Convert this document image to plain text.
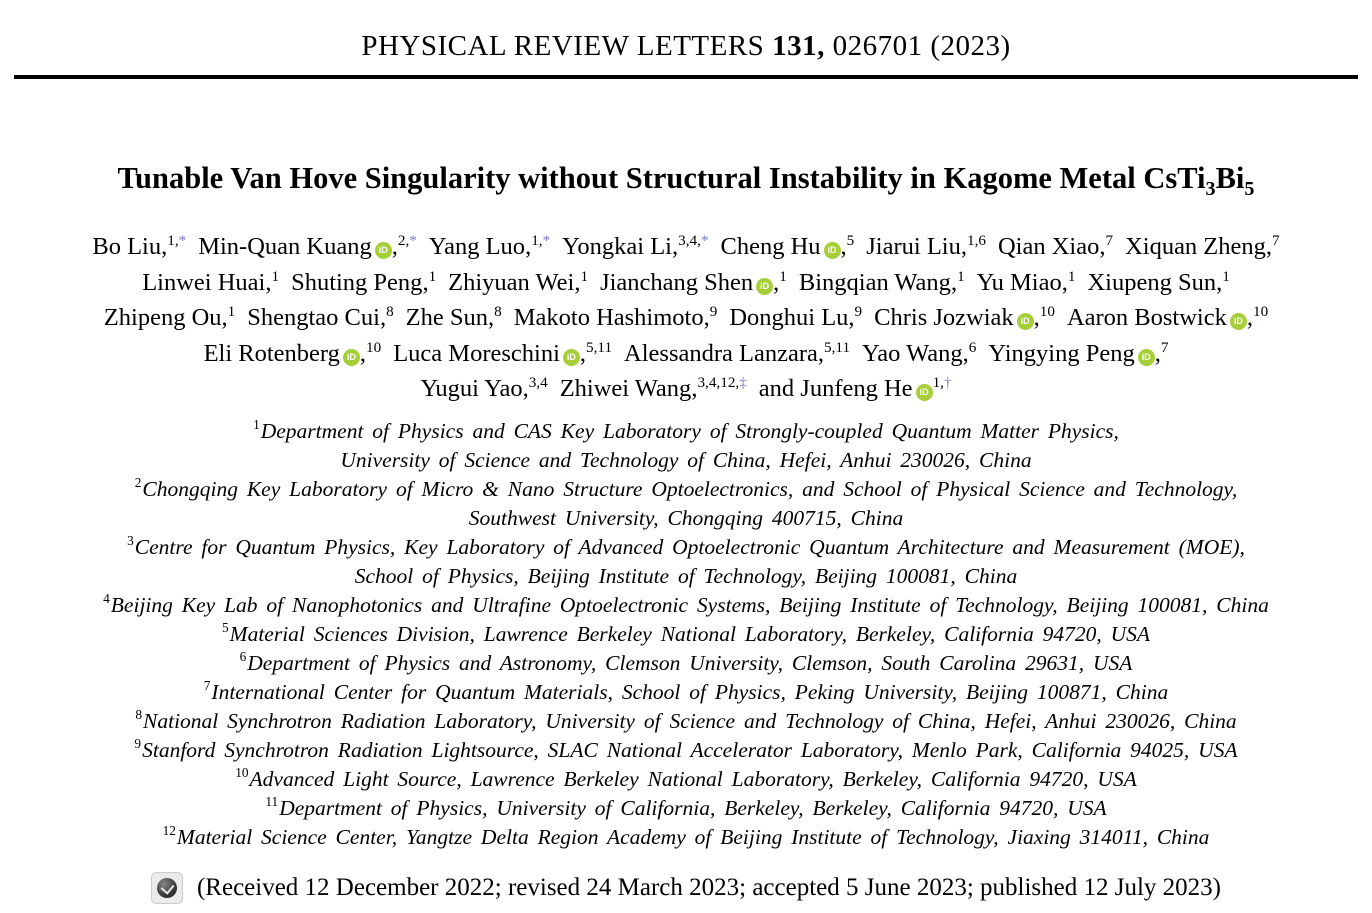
PHYSICAL REVIEW LETTERS 131, 026701 (2023)
Tunable Van Hove Singularity without Structural Instability in Kagome Metal $CsTi_3Bi_5$
Bo Liu,$^{1,*}$ Min-Quan Kuang iD ,$^{2,*}$ Yang Luo,$^{1,*}$ Yongkai Li,$^{3,4,*}$ Cheng Hu iD ,$^5$ Jiarui Liu,$^{1,6}$ Qian Xiao,$^7$ Xiquan Zheng,$^7$
Linwei Huai,$^1$ Shuting Peng,$^1$ Zhiyuan Wei,$^1$ Jianchang Shen iD ,$^1$ Bingqian Wang,$^1$ Yu Miao,$^1$ Xiupeng Sun,$^1$
Zhipeng Ou,$^1$ Shengtao Cui,$^8$ Zhe Sun,$^8$ Makoto Hashimoto,$^9$ Donghui Lu,$^9$ Chris Jozwiak iD ,$^{10}$ Aaron Bostwick iD ,$^{10}$
Eli Rotenberg iD ,$^{10}$ Luca Moreschini iD ,$^{5,11}$ Alessandra Lanzara,$^{5,11}$ Yao Wang,$^6$ Yingying Peng iD ,$^7$
Yugui Yao,$^{3,4}$ Zhiwei Wang,$^{3,4,12,\ddagger}$ and Junfeng He $iD^{1,\dagger}$
$^1$Department of Physics and CAS Key Laboratory of Strongly-coupled Quantum Matter Physics,
University of Science and Technology of China, Hefei, Anhui 230026, China
$^2$Chongqing Key Laboratory of Micro & Nano Structure Optoelectronics, and School of Physical Science and Technology,
Southwest University, Chongqing 400715, China
$^3$Centre for Quantum Physics, Key Laboratory of Advanced Optoelectronic Quantum Architecture and Measurement (MOE),
School of Physics, Beijing Institute of Technology, Beijing 100081, China
$^4$Beijing Key Lab of Nanophotonics and Ultrafine Optoelectronic Systems, Beijing Institute of Technology, Beijing 100081, China
$^5$Material Sciences Division, Lawrence Berkeley National Laboratory, Berkeley, California 94720, USA
$^6$Department of Physics and Astronomy, Clemson University, Clemson, South Carolina 29631, USA
$^7$International Center for Quantum Materials, School of Physics, Peking University, Beijing 100871, China
$^8$National Synchrotron Radiation Laboratory, University of Science and Technology of China, Hefei, Anhui 230026, China
$^9$Stanford Synchrotron Radiation Lightsource, SLAC National Accelerator Laboratory, Menlo Park, California 94025, USA
$^{10}$Advanced Light Source, Lawrence Berkeley National Laboratory, Berkeley, California 94720, USA
$^{11}$Department of Physics, University of California, Berkeley, Berkeley, California 94720, USA
$^{12}$Material Science Center, Yangtze Delta Region Academy of Beijing Institute of Technology, Jiaxing 314011, China
(Received 12 December 2022; revised 24 March 2023; accepted 5 June 2023; published 12 July 2023)
